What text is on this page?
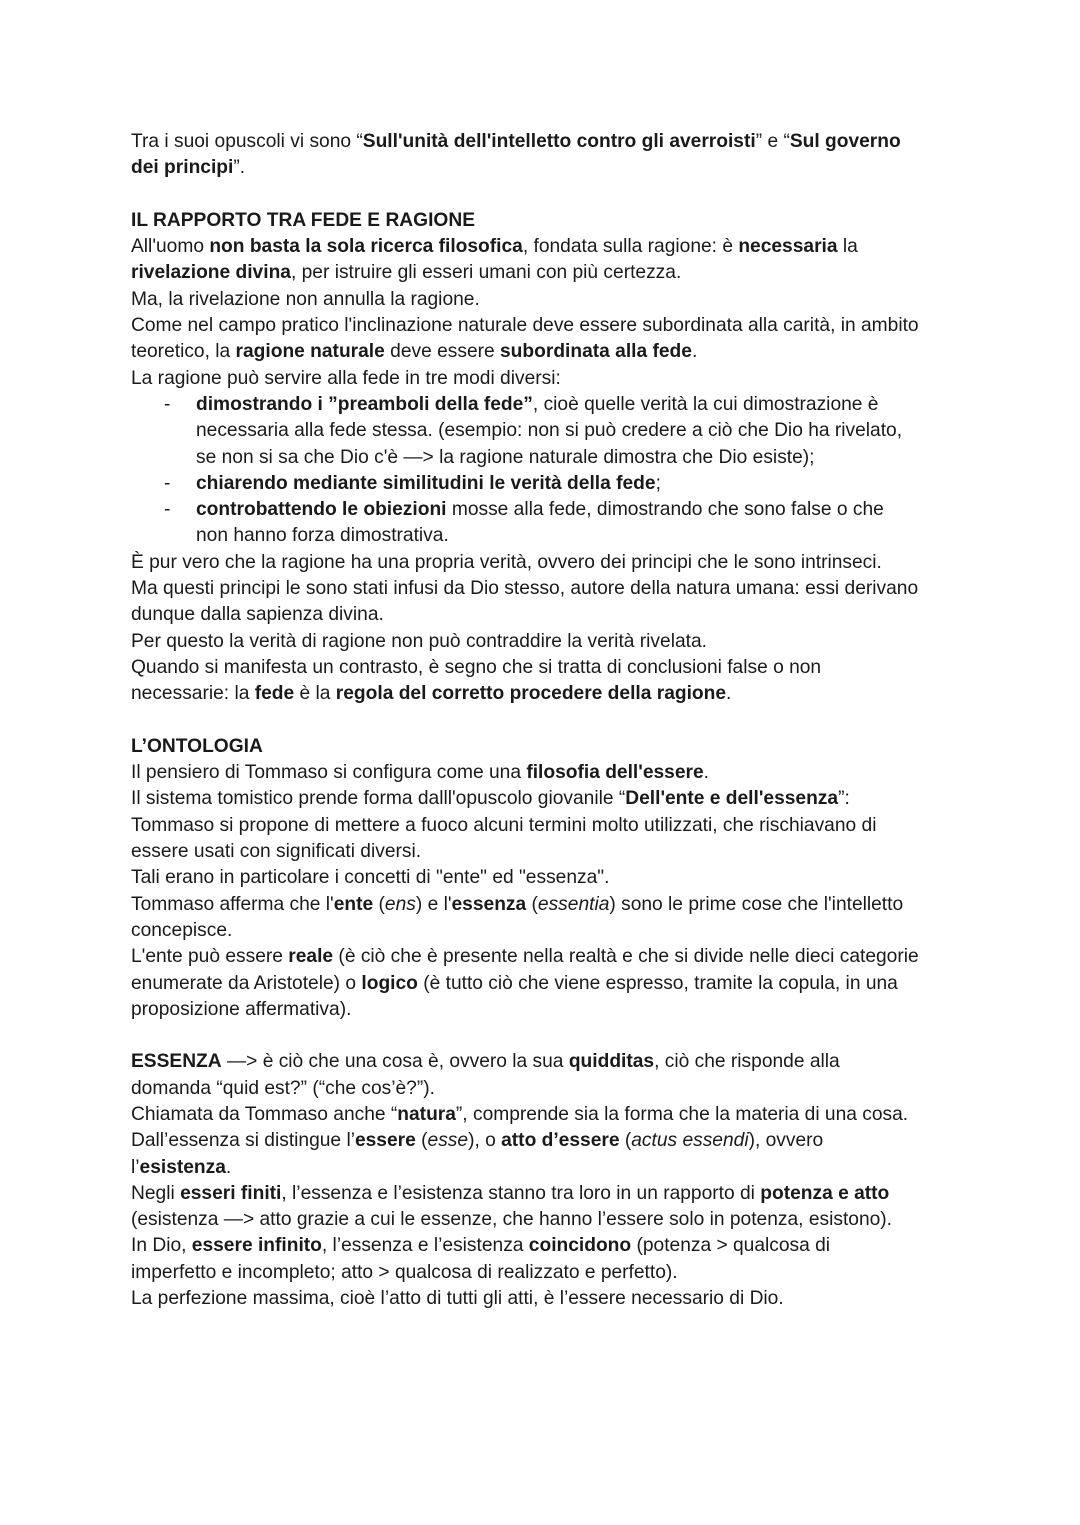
Tra i suoi opuscoli vi sono “Sull'unità dell'intelletto contro gli averroisti” e “Sul governo
dei principi”.
IL RAPPORTO TRA FEDE E RAGIONE
All'uomo non basta la sola ricerca filosofica, fondata sulla ragione: è necessaria la
rivelazione divina, per istruire gli esseri umani con più certezza.
Ma, la rivelazione non annulla la ragione.
Come nel campo pratico l'inclinazione naturale deve essere subordinata alla carità, in ambito
teoretico, la ragione naturale deve essere subordinata alla fede.
La ragione può servire alla fede in tre modi diversi:
- dimostrando i ”preamboli della fede”, cioè quelle verità la cui dimostrazione è
necessaria alla fede stessa. (esempio: non si può credere a ciò che Dio ha rivelato,
se non si sa che Dio c'è —> la ragione naturale dimostra che Dio esiste);
- chiarendo mediante similitudini le verità della fede;
- controbattendo le obiezioni mosse alla fede, dimostrando che sono false o che
non hanno forza dimostrativa.
È pur vero che la ragione ha una propria verità, ovvero dei principi che le sono intrinseci.
Ma questi principi le sono stati infusi da Dio stesso, autore della natura umana: essi derivano
dunque dalla sapienza divina.
Per questo la verità di ragione non può contraddire la verità rivelata.
Quando si manifesta un contrasto, è segno che si tratta di conclusioni false o non
necessarie: la fede è la regola del corretto procedere della ragione.
L’ONTOLOGIA
Il pensiero di Tommaso si configura come una filosofia dell'essere.
Il sistema tomistico prende forma dalll'opuscolo giovanile “Dell'ente e dell'essenza”:
Tommaso si propone di mettere a fuoco alcuni termini molto utilizzati, che rischiavano di
essere usati con significati diversi.
Tali erano in particolare i concetti di "ente" ed "essenza".
Tommaso afferma che l'ente (ens) e l'essenza (essentia) sono le prime cose che l'intelletto
concepisce.
L'ente può essere reale (è ciò che è presente nella realtà e che si divide nelle dieci categorie
enumerate da Aristotele) o logico (è tutto ciò che viene espresso, tramite la copula, in una
proposizione affermativa).
ESSENZA —> è ciò che una cosa è, ovvero la sua quidditas, ciò che risponde alla
domanda “quid est?” (“che cos’è?”).
Chiamata da Tommaso anche “natura”, comprende sia la forma che la materia di una cosa.
Dall’essenza si distingue l’essere (esse), o atto d’essere (actus essendi), ovvero
l’esistenza.
Negli esseri finiti, l’essenza e l’esistenza stanno tra loro in un rapporto di potenza e atto
(esistenza —> atto grazie a cui le essenze, che hanno l’essere solo in potenza, esistono).
In Dio, essere infinito, l’essenza e l’esistenza coincidono (potenza > qualcosa di
imperfetto e incompleto; atto > qualcosa di realizzato e perfetto).
La perfezione massima, cioè l’atto di tutti gli atti, è l’essere necessario di Dio.
